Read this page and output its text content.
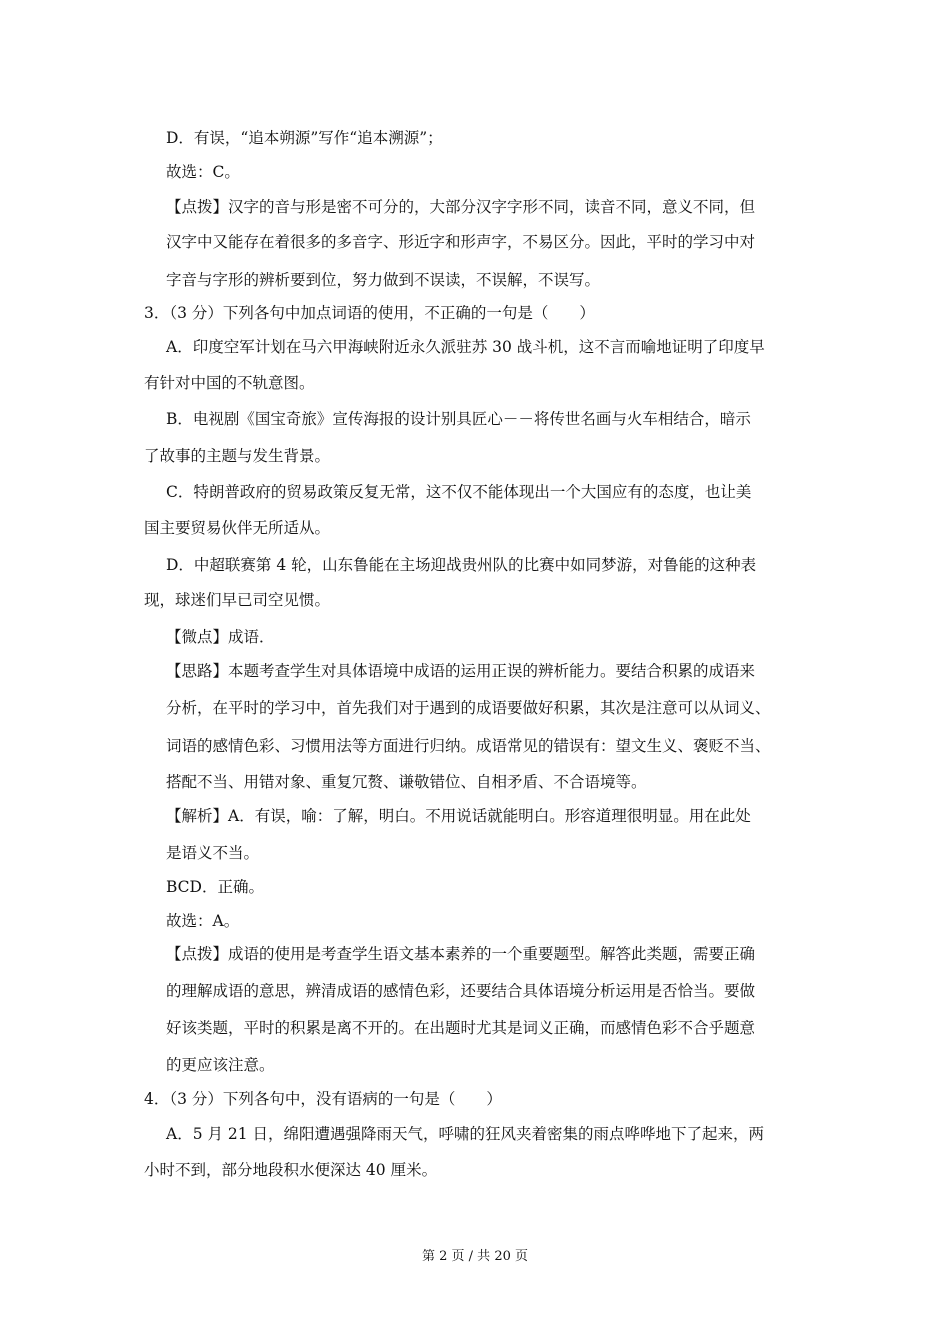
D．有误，“追本朔源”写作“追本溯源”；
故选：C。
【点拨】汉字的音与形是密不可分的，大部分汉字字形不同，读音不同，意义不同，但
汉字中又能存在着很多的多音字、形近字和形声字，不易区分。因此，平时的学习中对
字音与字形的辨析要到位，努力做到不误读，不误解，不误写。
3．（3 分）下列各句中加点词语的使用，不正确的一句是（　　）
A．印度空军计划在马六甲海峡附近永久派驻苏 30 战斗机，这不言而喻地证明了印度早
有针对中国的不轨意图。
B．电视剧《国宝奇旅》宣传海报的设计别具匠心－－将传世名画与火车相结合，暗示
了故事的主题与发生背景。
C．特朗普政府的贸易政策反复无常，这不仅不能体现出一个大国应有的态度，也让美
国主要贸易伙伴无所适从。
D．中超联赛第 4 轮，山东鲁能在主场迎战贵州队的比赛中如同梦游，对鲁能的这种表
现，球迷们早已司空见惯。
【微点】成语．
【思路】本题考查学生对具体语境中成语的运用正误的辨析能力。要结合积累的成语来
分析，在平时的学习中，首先我们对于遇到的成语要做好积累，其次是注意可以从词义、
词语的感情色彩、习惯用法等方面进行归纳。成语常见的错误有：望文生义、褒贬不当、
搭配不当、用错对象、重复冗赘、谦敬错位、自相矛盾、不合语境等。
【解析】A．有误，喻：了解，明白。不用说话就能明白。形容道理很明显。用在此处
是语义不当。
BCD．正确。
故选：A。
【点拨】成语的使用是考查学生语文基本素养的一个重要题型。解答此类题，需要正确
的理解成语的意思，辨清成语的感情色彩，还要结合具体语境分析运用是否恰当。要做
好该类题，平时的积累是离不开的。在出题时尤其是词义正确，而感情色彩不合乎题意
的更应该注意。
4．（3 分）下列各句中，没有语病的一句是（　　）
A．5 月 21 日，绵阳遭遇强降雨天气，呼啸的狂风夹着密集的雨点哗哗地下了起来，两
小时不到，部分地段积水便深达 40 厘米。
第 2 页 / 共 20 页
